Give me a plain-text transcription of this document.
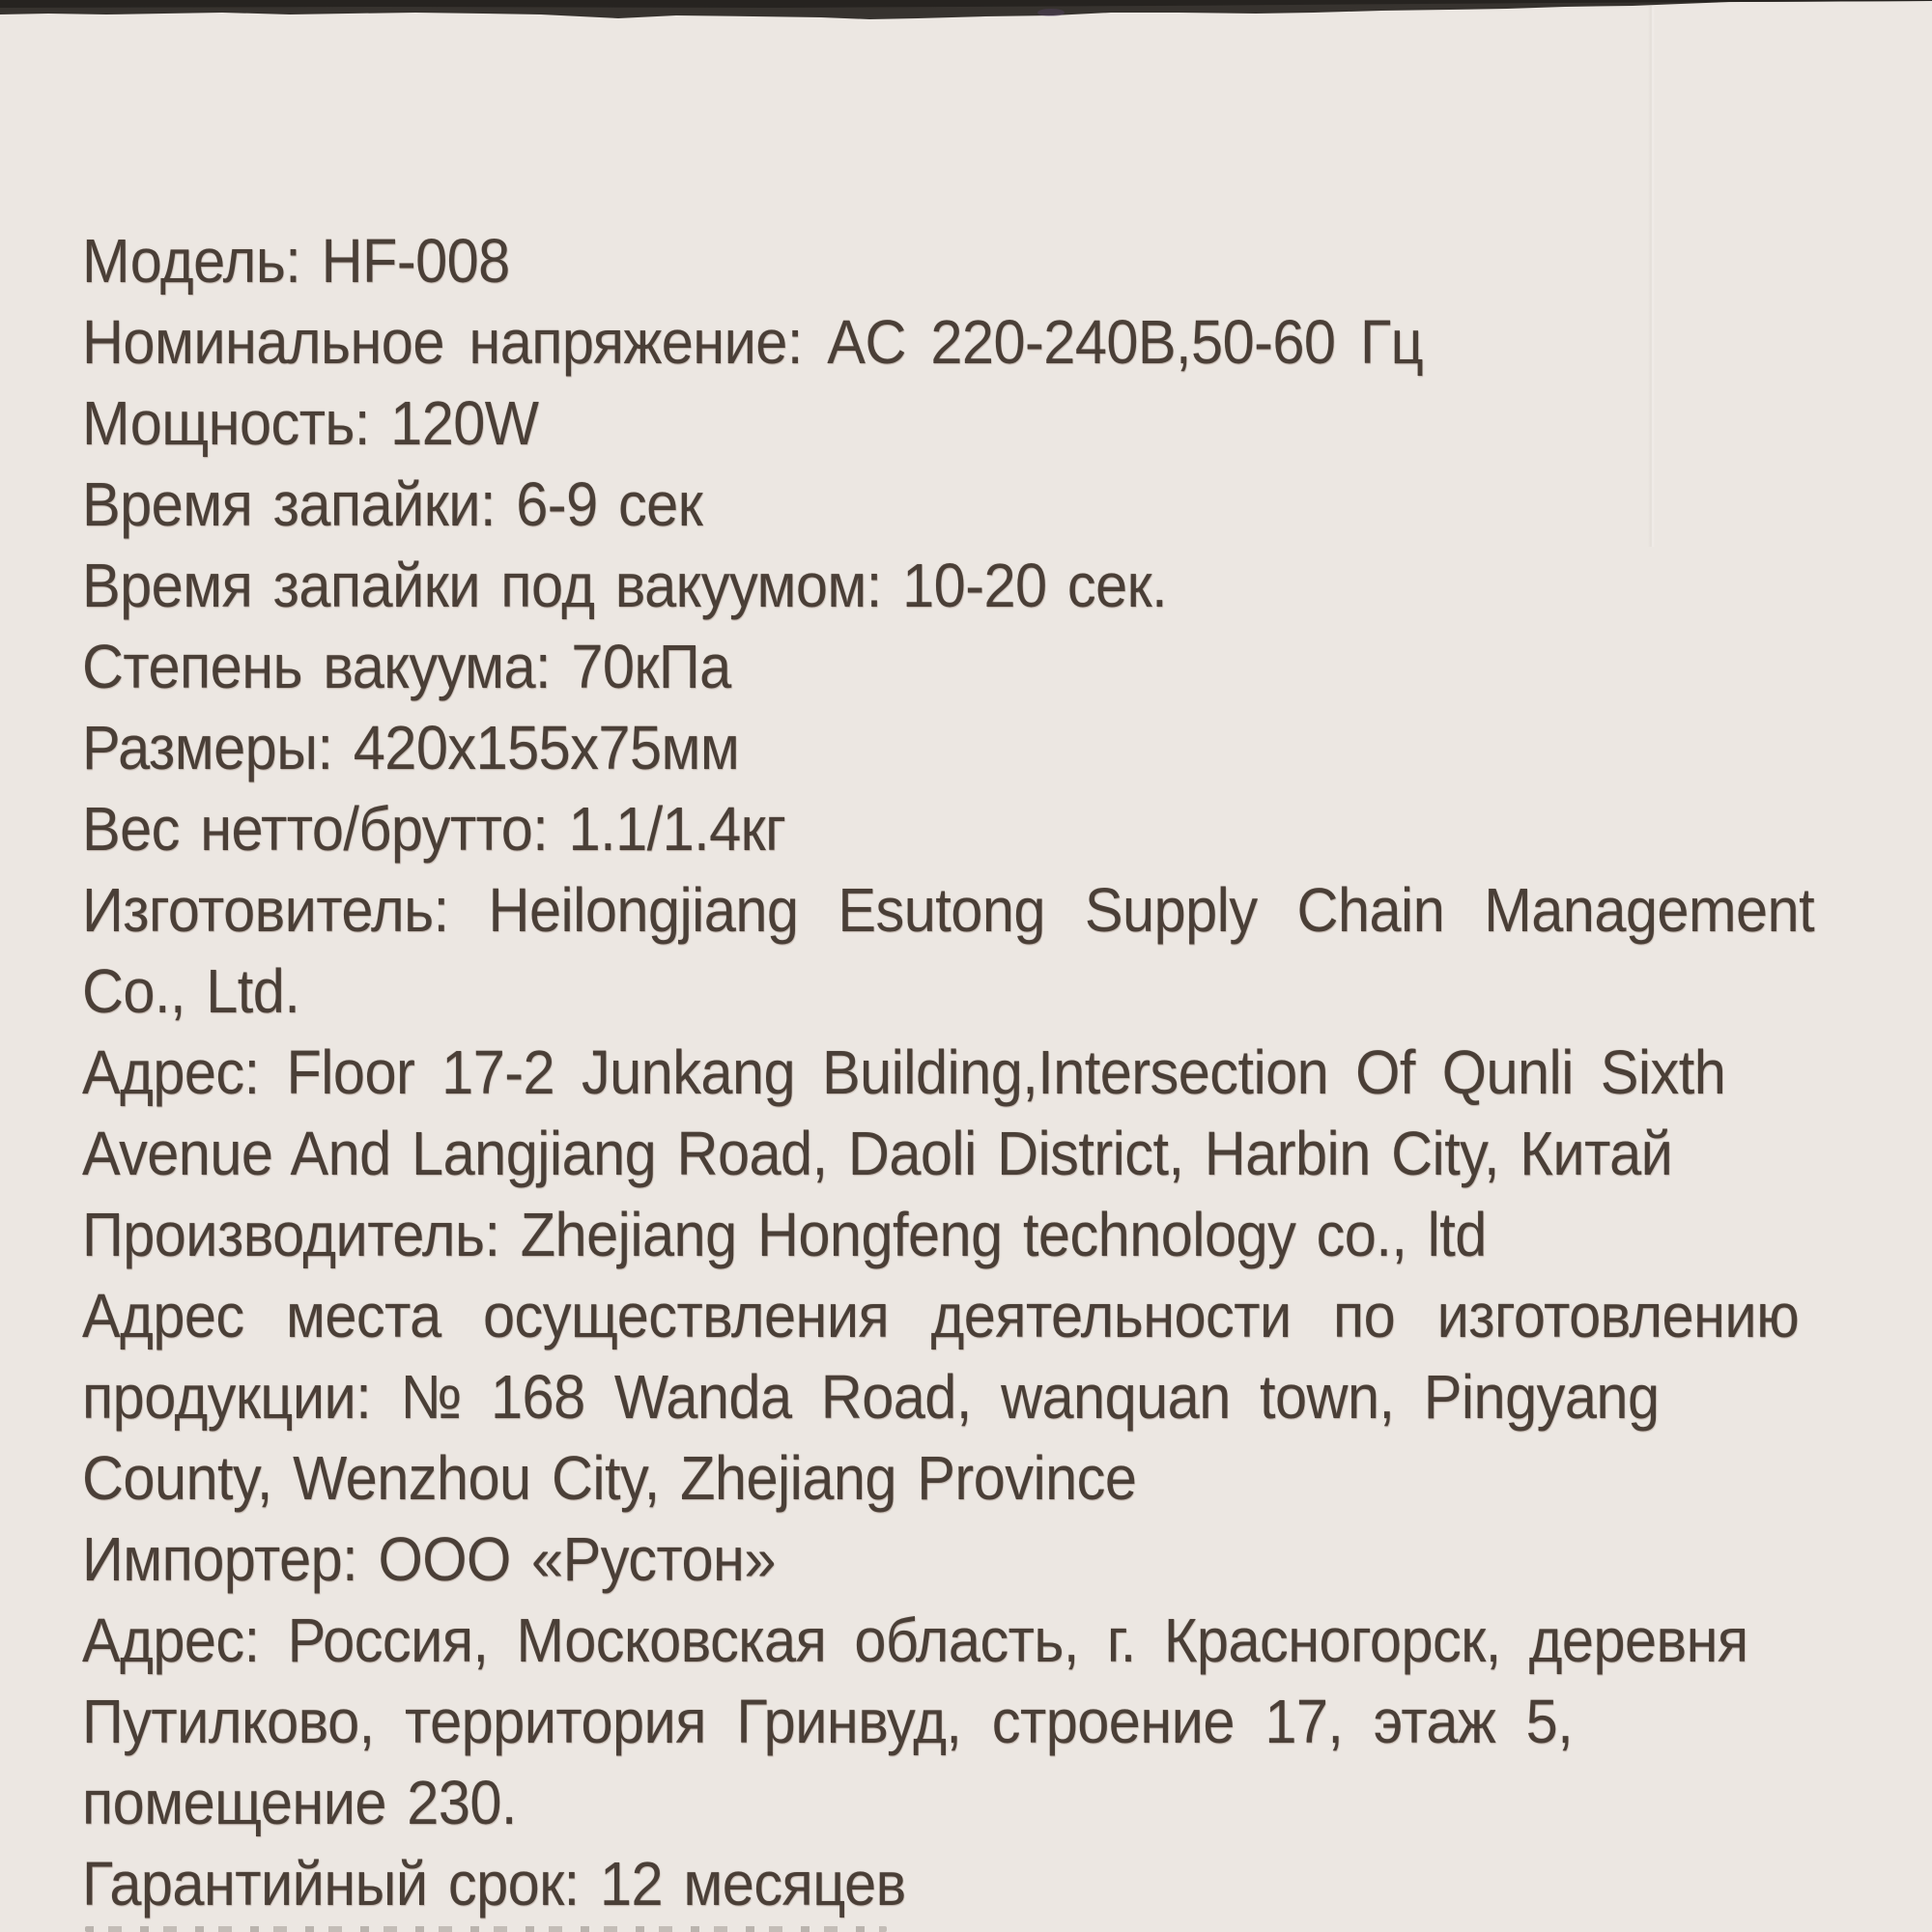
Модель: HF-008
Номинальное напряжение: AC 220-240В,50-60 Гц
Мощность: 120W
Время запайки: 6-9 сек
Время запайки под вакуумом: 10-20 сек.
Степень вакуума: 70кПа
Размеры: 420x155x75мм
Вес нетто/брутто: 1.1/1.4кг
Изготовитель: Heilongjiang Esutong Supply Chain Management
Co., Ltd.
Адрес: Floor 17-2 Junkang Building,Intersection Of Qunli Sixth
Avenue And Langjiang Road, Daoli District, Harbin City, Китай
Производитель: Zhejiang Hongfeng technology co., ltd
Адрес места осуществления деятельности по изготовлению
продукции: № 168 Wanda Road, wanquan town, Pingyang
County, Wenzhou City, Zhejiang Province
Импортер: ООО «Рустон»
Адрес: Россия, Московская область, г. Красногорск, деревня
Путилково, территория Гринвуд, строение 17, этаж 5,
помещение 230.
Гарантийный срок: 12 месяцев
